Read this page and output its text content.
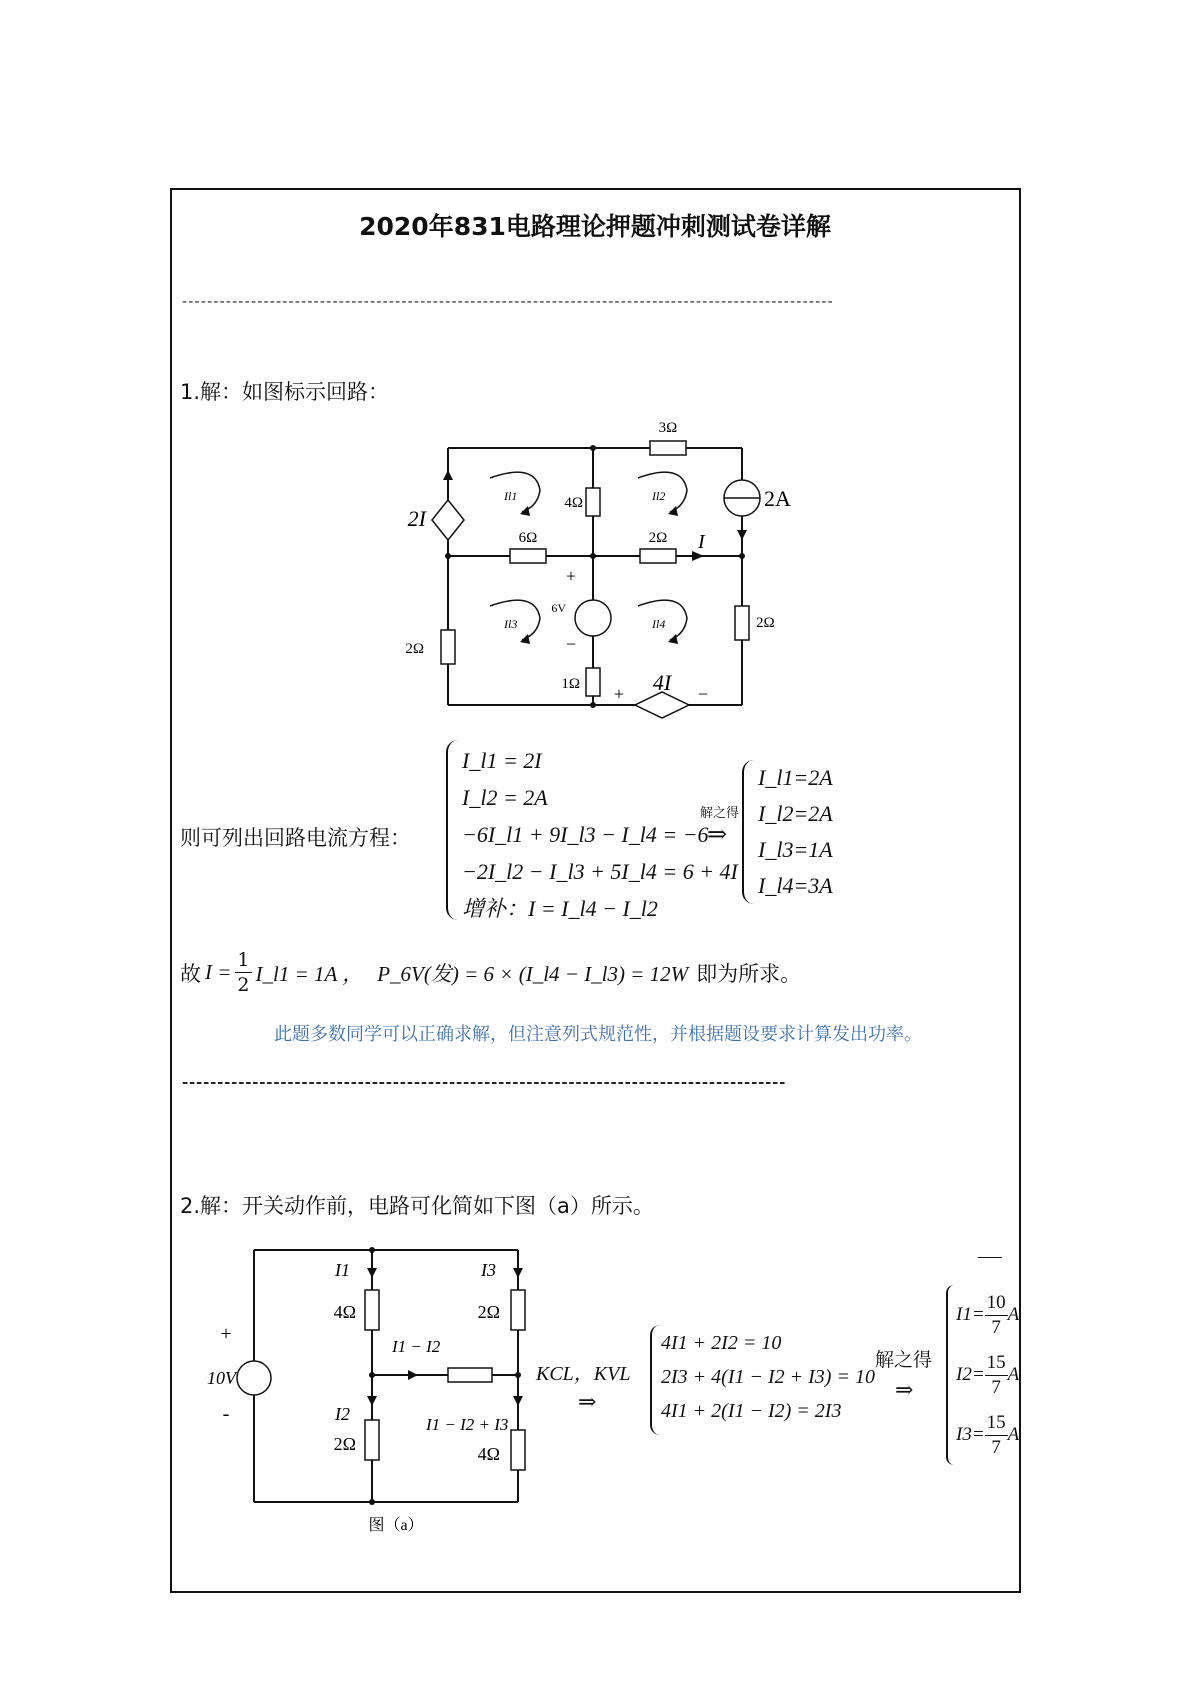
2020年831电路理论押题冲刺测试卷详解
--------------------------------------------------------------------------------------------------------
1.解：如图标示回路：
3Ω
4Ω
2I
2A
6Ω	2Ω I
2Ω
6V
+
−
2Ω
1Ω	4I
+	−
Il1	Il2
Il3	Il4
则可列出回路电流方程：
I_l1 = 2I
I_l2 = 2A
−6I_l1 + 9I_l3 − I_l4 = −6
−2I_l2 − I_l3 + 5I_l4 = 6 + 4I
增补：I = I_l4 − I_l2
解之得
⇒
I_l1=2A
I_l2=2A
I_l3=1A
I_l4=3A
故 $I = \frac{1}{2}$ I_l1 = 1A ， P_6V(发) = 6 × (I_l4 − I_l3) = 12W 即为所求。
此题多数同学可以正确求解，但注意列式规范性，并根据题设要求计算发出功率。
--------------------------------------------------------------------------------------
2.解：开关动作前，电路可化简如下图（a）所示。
I1	I3
4Ω	2Ω
+
10V
-
I1 − I2
I2
I1 − I2 + I3
2Ω	4Ω
图（a）
KCL，KVL
⇒
4I1 + 2I2 = 10
2I3 + 4(I1 − I2 + I3) = 10
4I1 + 2(I1 − I2) = 2I3
解之得
⇒
$I1= \frac{10}{7}$ A
$I2= \frac{15}{7}$ A
$I3= \frac{15}{7}$ A
